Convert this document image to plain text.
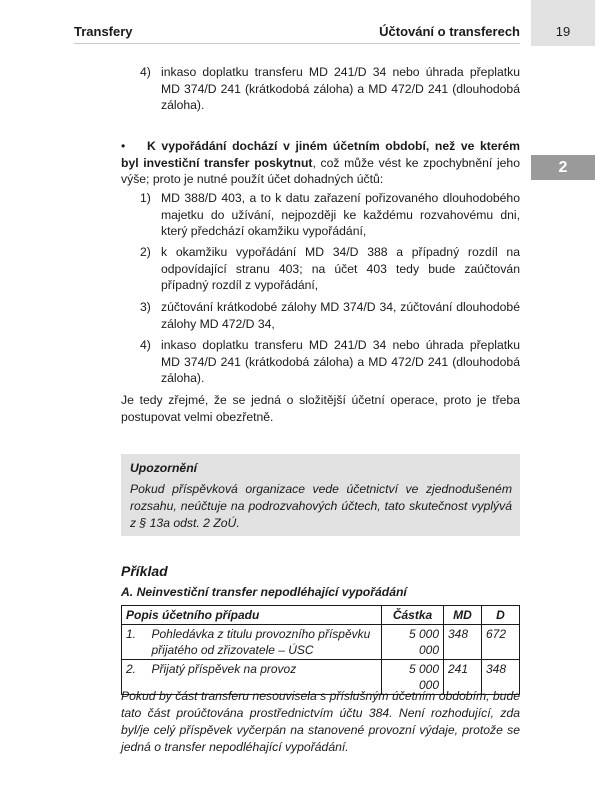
Transfery	Účtování o transferech	19
2
4) inkaso doplatku transferu MD 241/D 34 nebo úhrada přeplatku MD 374/D 241 (krátkodobá záloha) a MD 472/D 241 (dlouhodobá záloha).
• K vypořádání dochází v jiném účetním období, než ve kterém byl investiční transfer poskytnut, což může vést ke zpochybnění jeho výše; proto je nutné použít účet dohadných účtů:
1) MD 388/D 403, a to k datu zařazení pořizovaného dlouhodobého majetku do užívání, nejpozději ke každému rozvahovému dni, který předchází okamžiku vypořádání,
2) k okamžiku vypořádání MD 34/D 388 a případný rozdíl na odpovídající stranu 403; na účet 403 tedy bude zaúčtován případný rozdíl z vypořádání,
3) zúčtování krátkodobé zálohy MD 374/D 34, zúčtování dlouhodobé zálohy MD 472/D 34,
4) inkaso doplatku transferu MD 241/D 34 nebo úhrada přeplatku MD 374/D 241 (krátkodobá záloha) a MD 472/D 241 (dlouhodobá záloha).
Je tedy zřejmé, že se jedná o složitější účetní operace, proto je třeba postupovat velmi obezřetně.
Upozornění
Pokud příspěvková organizace vede účetnictví ve zjednodušeném rozsahu, neúčtuje na podrozvahových účtech, tato skutečnost vyplývá z § 13a odst. 2 ZoÚ.
Příklad
A. Neinvestiční transfer nepodléhající vypořádání
Popis účetního případu		Částka	MD	D
1.	Pohledávka z titulu provozního příspěvku přijatého od zřizovatele – ÚSC	5 000 000	348	672
2.	Přijatý příspěvek na provoz	5 000 000	241	348
Pokud by část transferu nesouvisela s příslušným účetním obdobím, bude tato část proúčtována prostřednictvím účtu 384. Není rozhodující, zda byl/je celý příspěvek vyčerpán na stanovené provozní výdaje, protože se jedná o transfer nepodléhající vypořádání.
